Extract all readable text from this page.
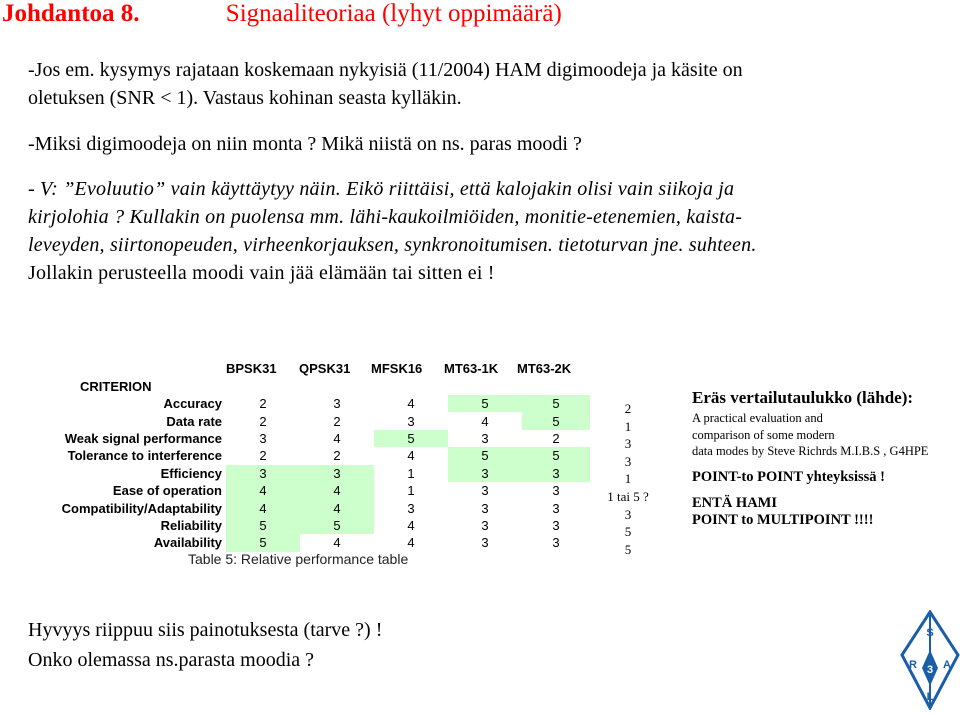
Johdantoa 8.	Signaaliteoriaa (lyhyt oppimäärä)
-Jos em. kysymys rajataan koskemaan nykyisiä (11/2004) HAM digimoodeja ja käsite on
oletuksen (SNR < 1). Vastaus kohinan seasta kylläkin.
-Miksi digimoodeja on niin monta ? Mikä niistä on ns. paras moodi ?
- V: ”Evoluutio” vain käyttäytyy näin. Eikö riittäisi, että kalojakin olisi vain siikoja ja
kirjolohia ? Kullakin on puolensa mm. lähi-kaukoilmiöiden, monitie-etenemien, kaista-
leveyden, siirtonopeuden, virheenkorjauksen, synkronoitumisen. tietoturvan jne. suhteen.
Jollakin perusteella moodi vain jää elämään tai sitten ei !
BPSK31 QPSK31 MFSK16 MT63-1K MT63-2K
CRITERION
Accuracy	2	3	4	5	5
Data rate	2	2	3	4	5
Weak signal performance	3	4	5	3	2
Tolerance to interference	2	2	4	5	5
Efficiency	3	3	1	3	3
Ease of operation	4	4	1	3	3
Compatibility/Adaptability	4	4	3	3	3
Reliability	5	5	4	3	3
Availability	5	4	4	3	3
Table 5: Relative performance table
2
1
3
3
1
1 tai 5 ?
3
5
5
Eräs vertailutaulukko (lähde):
A practical evaluation and
comparison of some modern
data modes by Steve Richrds M.I.B.S , G4HPE
POINT-to POINT yhteyksissä !
ENTÄ HAMI
POINT to MULTIPOINT !!!!
Hyvyys riippuu siis painotuksesta (tarve ?) !
Onko olemassa ns.parasta moodia ?
S
R 3 A
L
